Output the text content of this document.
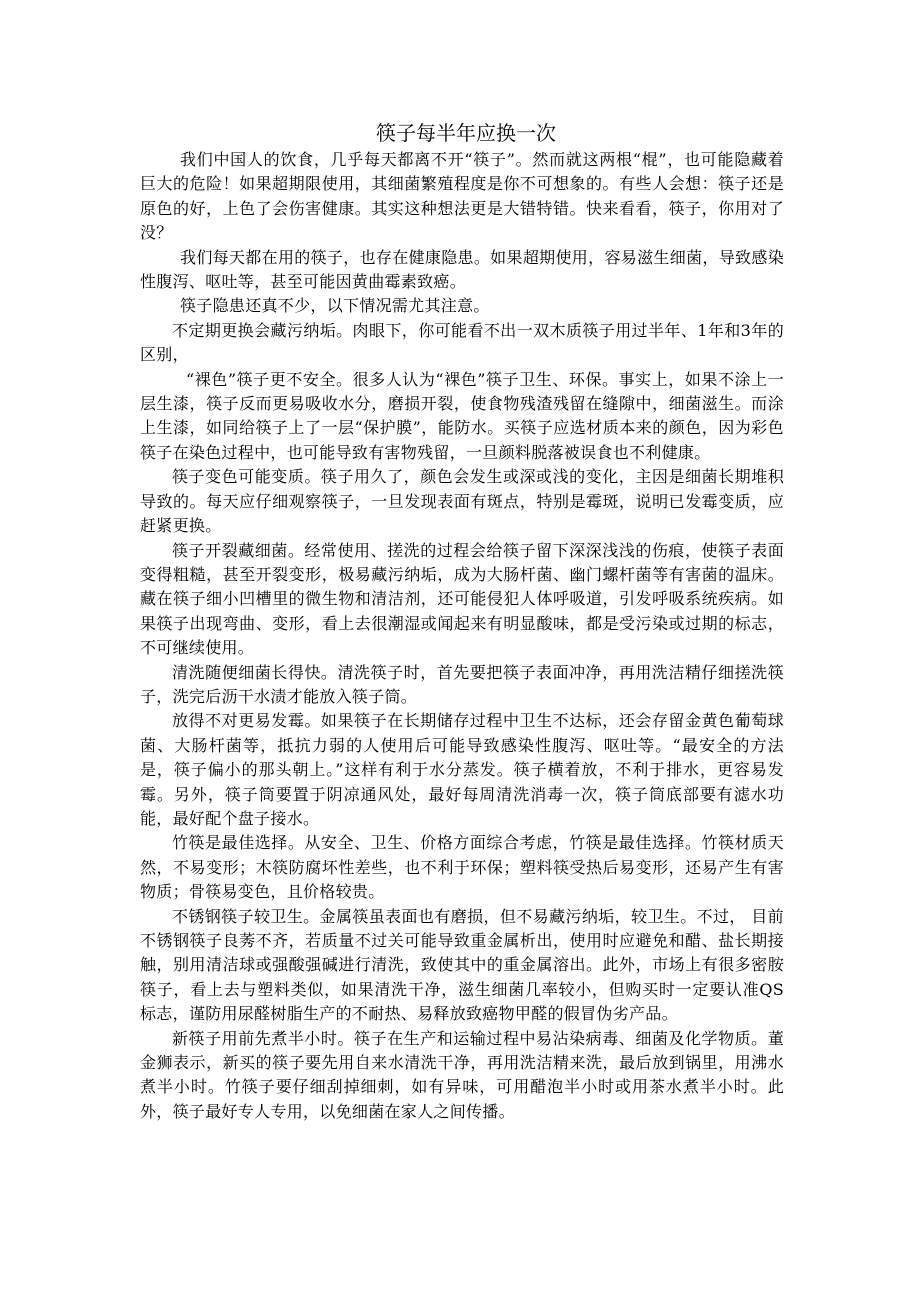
筷子每半年应换一次

我们中国人的饮食，几乎每天都离不开“筷子”。然而就这两根“棍”，也可能隐藏着巨大的危险！如果超期限使用，其细菌繁殖程度是你不可想象的。有些人会想：筷子还是原色的好，上色了会伤害健康。其实这种想法更是大错特错。快来看看，筷子，你用对了没？

我们每天都在用的筷子，也存在健康隐患。如果超期使用，容易滋生细菌，导致感染性腹泻、呕吐等，甚至可能因黄曲霉素致癌。

筷子隐患还真不少，以下情况需尤其注意。

不定期更换会藏污纳垢。肉眼下，你可能看不出一双木质筷子用过半年、1年和3年的区别，

“裸色”筷子更不安全。很多人认为“裸色”筷子卫生、环保。事实上，如果不涂上一层生漆，筷子反而更易吸收水分，磨损开裂，使食物残渣残留在缝隙中，细菌滋生。而涂上生漆，如同给筷子上了一层“保护膜”，能防水。买筷子应选材质本来的颜色，因为彩色筷子在染色过程中，也可能导致有害物残留，一旦颜料脱落被误食也不利健康。

筷子变色可能变质。筷子用久了，颜色会发生或深或浅的变化，主因是细菌长期堆积导致的。每天应仔细观察筷子，一旦发现表面有斑点，特别是霉斑，说明已发霉变质，应赶紧更换。

筷子开裂藏细菌。经常使用、搓洗的过程会给筷子留下深深浅浅的伤痕，使筷子表面变得粗糙，甚至开裂变形，极易藏污纳垢，成为大肠杆菌、幽门螺杆菌等有害菌的温床。藏在筷子细小凹槽里的微生物和清洁剂，还可能侵犯人体呼吸道，引发呼吸系统疾病。如果筷子出现弯曲、变形，看上去很潮湿或闻起来有明显酸味，都是受污染或过期的标志，不可继续使用。

清洗随便细菌长得快。清洗筷子时，首先要把筷子表面冲净，再用洗洁精仔细搓洗筷子，洗完后沥干水渍才能放入筷子筒。

放得不对更易发霉。如果筷子在长期储存过程中卫生不达标，还会存留金黄色葡萄球菌、大肠杆菌等，抵抗力弱的人使用后可能导致感染性腹泻、呕吐等。“最安全的方法是，筷子偏小的那头朝上。”这样有利于水分蒸发。筷子横着放，不利于排水，更容易发霉。另外，筷子筒要置于阴凉通风处，最好每周清洗消毒一次，筷子筒底部要有滤水功能，最好配个盘子接水。

竹筷是最佳选择。从安全、卫生、价格方面综合考虑，竹筷是最佳选择。竹筷材质天然，不易变形；木筷防腐坏性差些，也不利于环保；塑料筷受热后易变形，还易产生有害物质；骨筷易变色，且价格较贵。

不锈钢筷子较卫生。金属筷虽表面也有磨损，但不易藏污纳垢，较卫生。不过， 目前不锈钢筷子良莠不齐，若质量不过关可能导致重金属析出，使用时应避免和醋、盐长期接触，别用清洁球或强酸强碱进行清洗，致使其中的重金属溶出。此外，市场上有很多密胺筷子，看上去与塑料类似，如果清洗干净，滋生细菌几率较小，但购买时一定要认准QS标志，谨防用尿醛树脂生产的不耐热、易释放致癌物甲醛的假冒伪劣产品。

新筷子用前先煮半小时。筷子在生产和运输过程中易沾染病毒、细菌及化学物质。董金狮表示，新买的筷子要先用自来水清洗干净，再用洗洁精来洗，最后放到锅里，用沸水煮半小时。竹筷子要仔细刮掉细刺，如有异味，可用醋泡半小时或用茶水煮半小时。此外，筷子最好专人专用，以免细菌在家人之间传播。
